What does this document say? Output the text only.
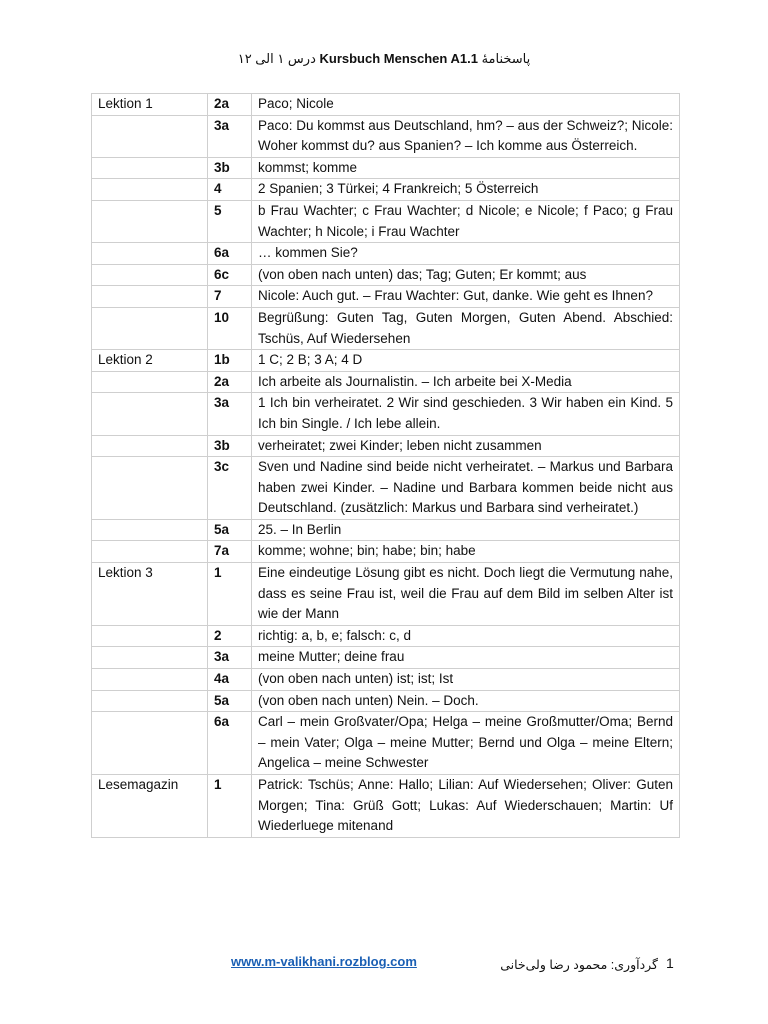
درس ۱ الی ۱۲ Kursbuch Menschen A1.1 پاسخنامهٔ
Lektion 1	2a	Paco; Nicole
	3a	Paco: Du kommst aus Deutschland, hm? – aus der Schweiz?; Nicole: Woher kommst du? aus Spanien? – Ich komme aus Österreich.
	3b	kommst; komme
	4	2 Spanien; 3 Türkei; 4 Frankreich; 5 Österreich
	5	b Frau Wachter; c Frau Wachter; d Nicole; e Nicole; f Paco; g Frau Wachter; h Nicole; i Frau Wachter
	6a	… kommen Sie?
	6c	(von oben nach unten) das; Tag; Guten; Er kommt; aus
	7	Nicole: Auch gut. – Frau Wachter: Gut, danke. Wie geht es Ihnen?
	10	Begrüßung: Guten Tag, Guten Morgen, Guten Abend. Abschied: Tschüs, Auf Wiedersehen
Lektion 2	1b	1 C; 2 B; 3 A; 4 D
	2a	Ich arbeite als Journalistin. – Ich arbeite bei X-Media
	3a	1 Ich bin verheiratet. 2 Wir sind geschieden. 3 Wir haben ein Kind. 5 Ich bin Single. / Ich lebe allein.
	3b	verheiratet; zwei Kinder; leben nicht zusammen
	3c	Sven und Nadine sind beide nicht verheiratet. – Markus und Barbara haben zwei Kinder. – Nadine und Barbara kommen beide nicht aus Deutschland. (zusätzlich: Markus und Barbara sind verheiratet.)
	5a	25. – In Berlin
	7a	komme; wohne; bin; habe; bin; habe
Lektion 3	1	Eine eindeutige Lösung gibt es nicht. Doch liegt die Vermutung nahe, dass es seine Frau ist, weil die Frau auf dem Bild im selben Alter ist wie der Mann
	2	richtig: a, b, e; falsch: c, d
	3a	meine Mutter; deine frau
	4a	(von oben nach unten) ist; ist; Ist
	5a	(von oben nach unten) Nein. – Doch.
	6a	Carl – mein Großvater/Opa; Helga – meine Großmutter/Oma; Bernd – mein Vater; Olga – meine Mutter; Bernd und Olga – meine Eltern; Angelica – meine Schwester
Lesemagazin	1	Patrick: Tschüs; Anne: Hallo; Lilian: Auf Wiedersehen; Oliver: Guten Morgen; Tina: Grüß Gott; Lukas: Auf Wiederschauen; Martin: Uf Wiederluege mitenand
www.m-valikhani.rozblog.com	گردآوری: محمود رضا ولی‌خانی 1
